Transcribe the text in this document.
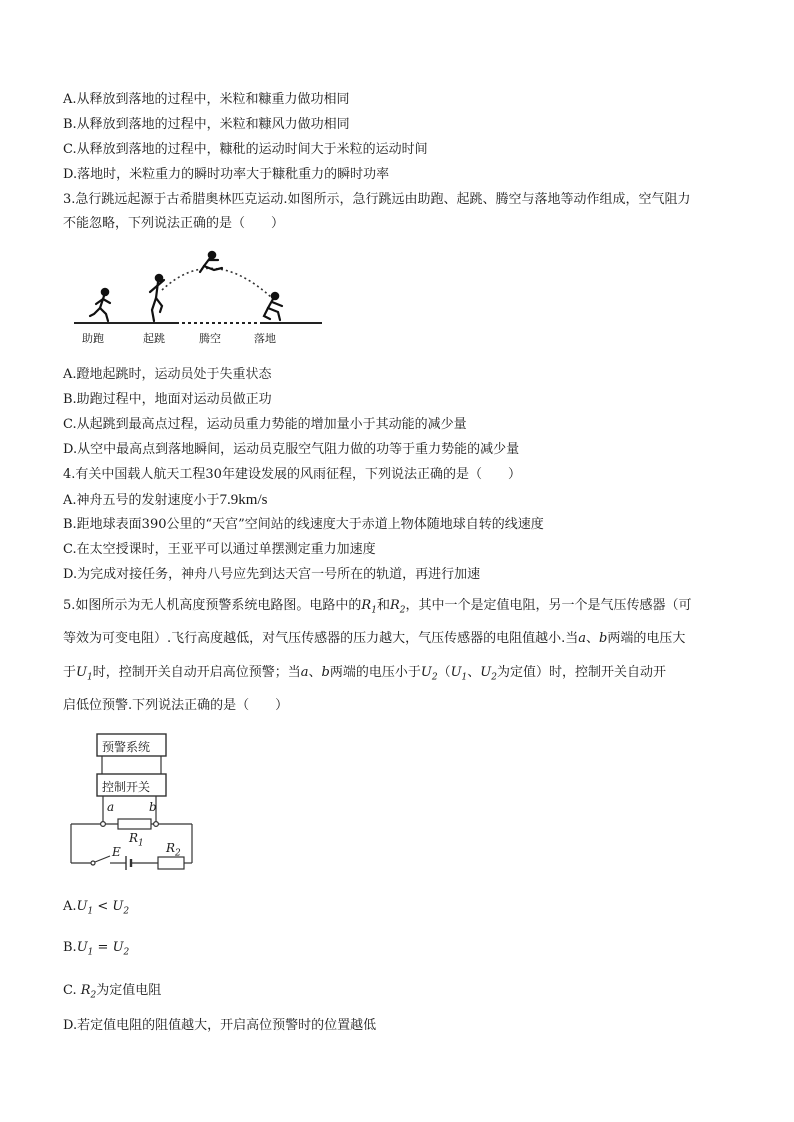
A.从释放到落地的过程中，米粒和糠重力做功相同
B.从释放到落地的过程中，米粒和糠风力做功相同
C.从释放到落地的过程中，糠秕的运动时间大于米粒的运动时间
D.落地时，米粒重力的瞬时功率大于糠秕重力的瞬时功率
3.急行跳远起源于古希腊奥林匹克运动.如图所示，急行跳远由助跑、起跳、腾空与落地等动作组成，空气阻力
不能忽略，下列说法正确的是（　　）
助跑	起跳	腾空	落地
A.蹬地起跳时，运动员处于失重状态
B.助跑过程中，地面对运动员做正功
C.从起跳到最高点过程，运动员重力势能的增加量小于其动能的减少量
D.从空中最高点到落地瞬间，运动员克服空气阻力做的功等于重力势能的减少量
4.有关中国载人航天工程30年建设发展的风雨征程，下列说法正确的是（　　）
A.神舟五号的发射速度小于7.9km/s
B.距地球表面390公里的“天宫”空间站的线速度大于赤道上物体随地球自转的线速度
C.在太空授课时，王亚平可以通过单摆测定重力加速度
D.为完成对接任务，神舟八号应先到达天宫一号所在的轨道，再进行加速
5.如图所示为无人机高度预警系统电路图。电路中的$R_1$和$R_2$，其中一个是定值电阻，另一个是气压传感器（可
等效为可变电阻）.飞行高度越低，对气压传感器的压力越大，气压传感器的电阻值越小.当a、b两端的电压大
于$U_1$时，控制开关自动开启高位预警；当a、b两端的电压小于$U_2(U_1$、$U_2$为定值）时，控制开关自动开
启低位预警.下列说法正确的是（　　）
预警系统
控制开关
a	b
$R_1$ $R_2$
E
$A.U_1 < U_2$
$B.U_1 = U_2$
C. $R_2$为定值电阻
D.若定值电阻的阻值越大，开启高位预警时的位置越低
